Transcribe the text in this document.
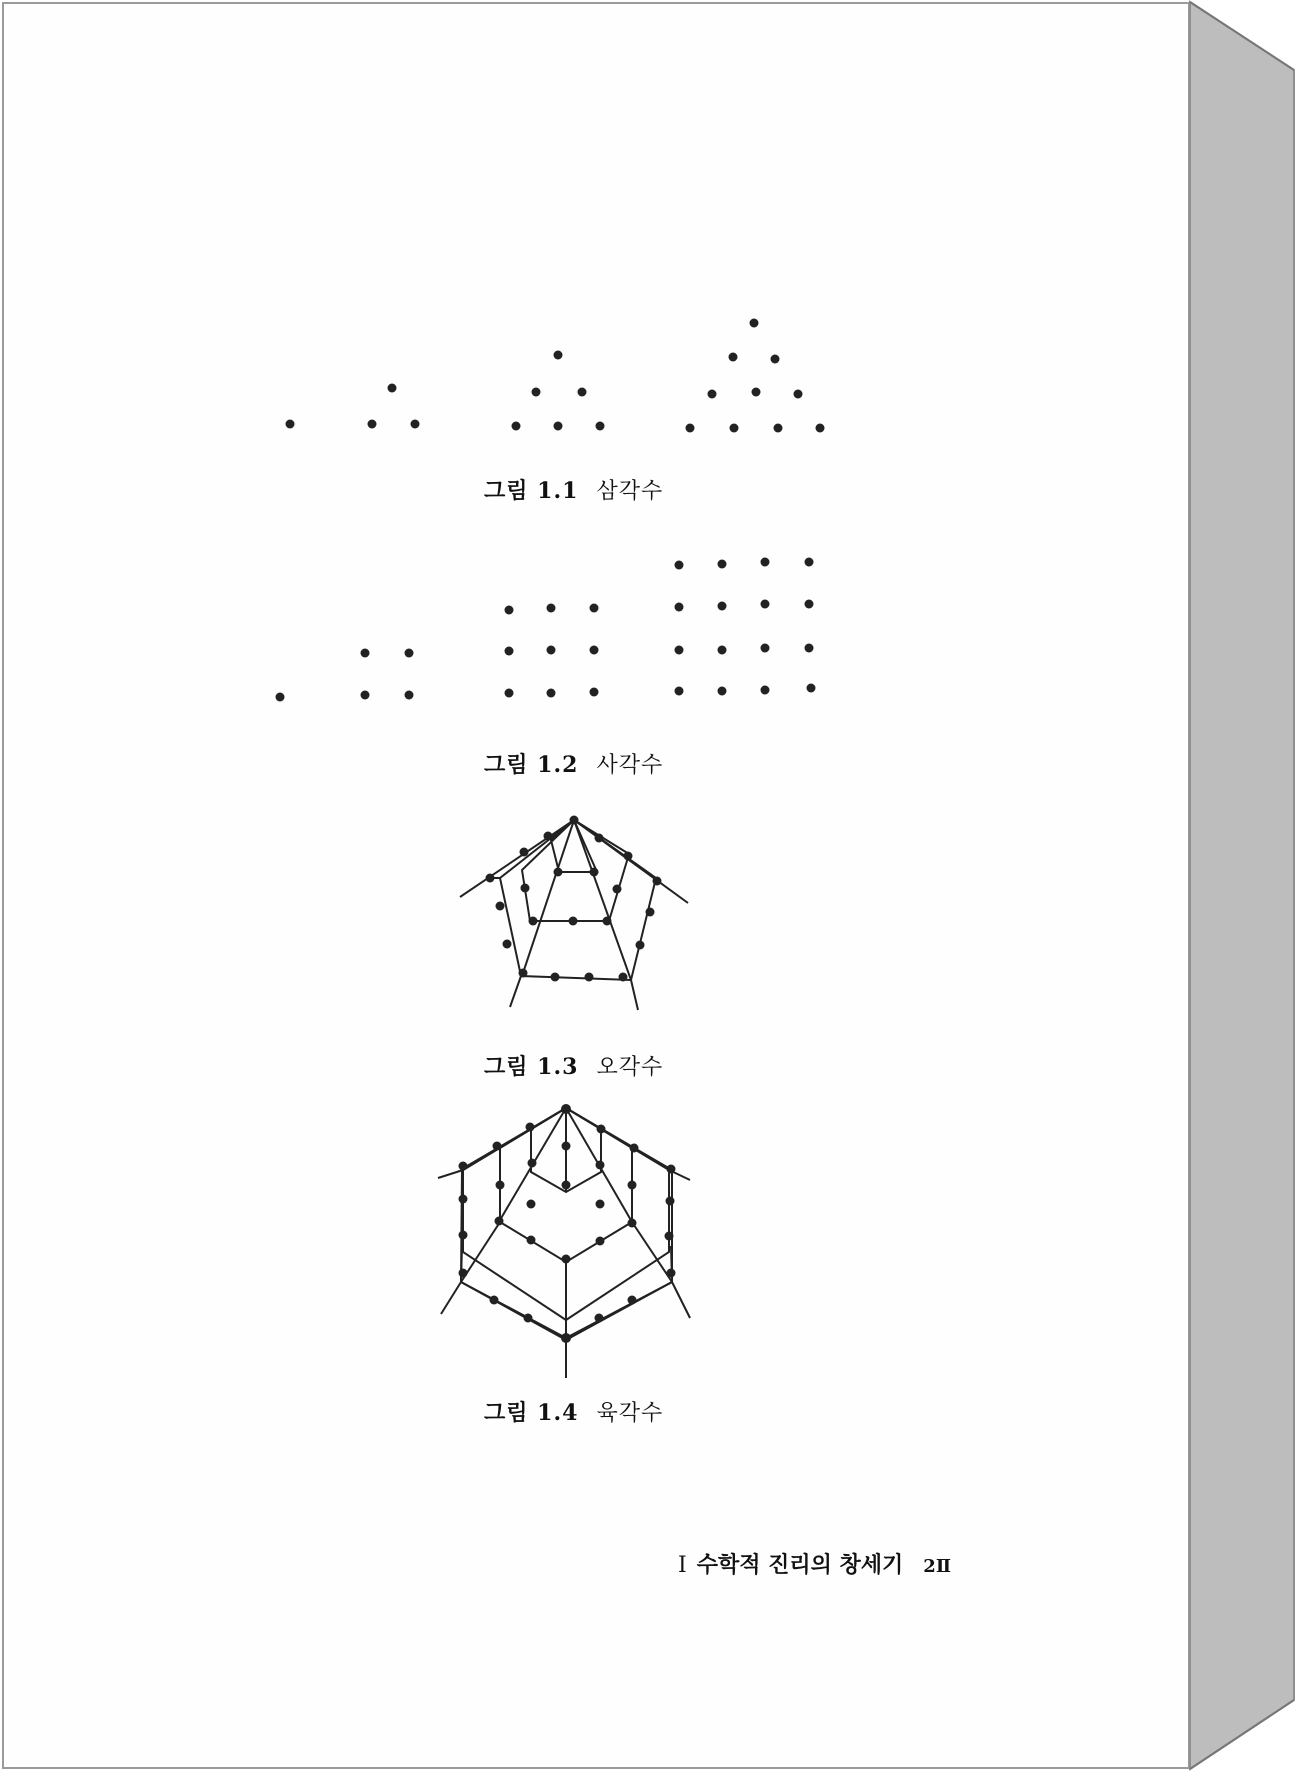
그림 1.1 삼각수
그림 1.2 사각수
그림 1.3 오각수
그림 1.4 육각수
I 수학적 진리의 창세기 2Ⅱ
